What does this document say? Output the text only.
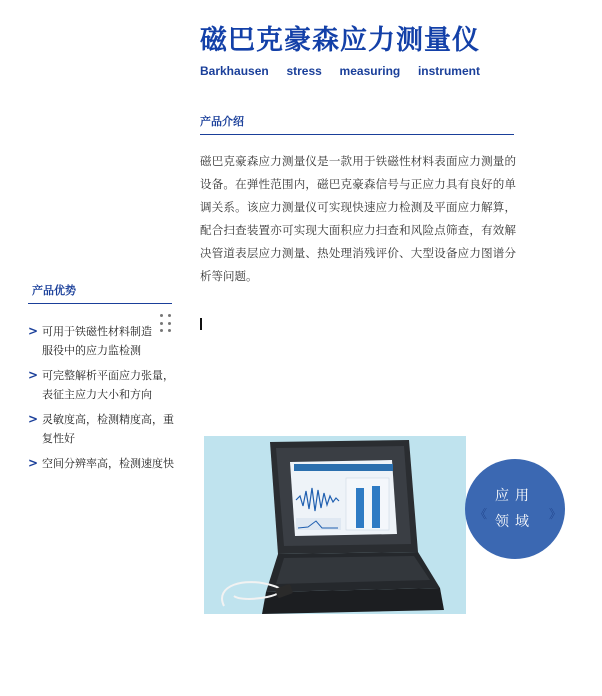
磁巴克豪森应力测量仪
Barkhausen stress measuring instrument
产品介绍

磁巴克豪森应力测量仪是一款用于铁磁性材料表面应力测量的设备。在弹性范围内，磁巴克豪森信号与正应力具有良好的单调关系。该应力测量仪可实现快速应力检测及平面应力解算，配合扫查装置亦可实现大面积应力扫查和风险点筛查，有效解决管道表层应力测量、热处理消残评价、大型设备应力图谱分析等问题。

产品优势
> 可用于铁磁性材料制造
服役中的应力监检测
> 可完整解析平面应力张量，表征主应力大小和方向
> 灵敏度高，检测精度高，重复性好
> 空间分辨率高，检测速度快
《
应用
领域 》
